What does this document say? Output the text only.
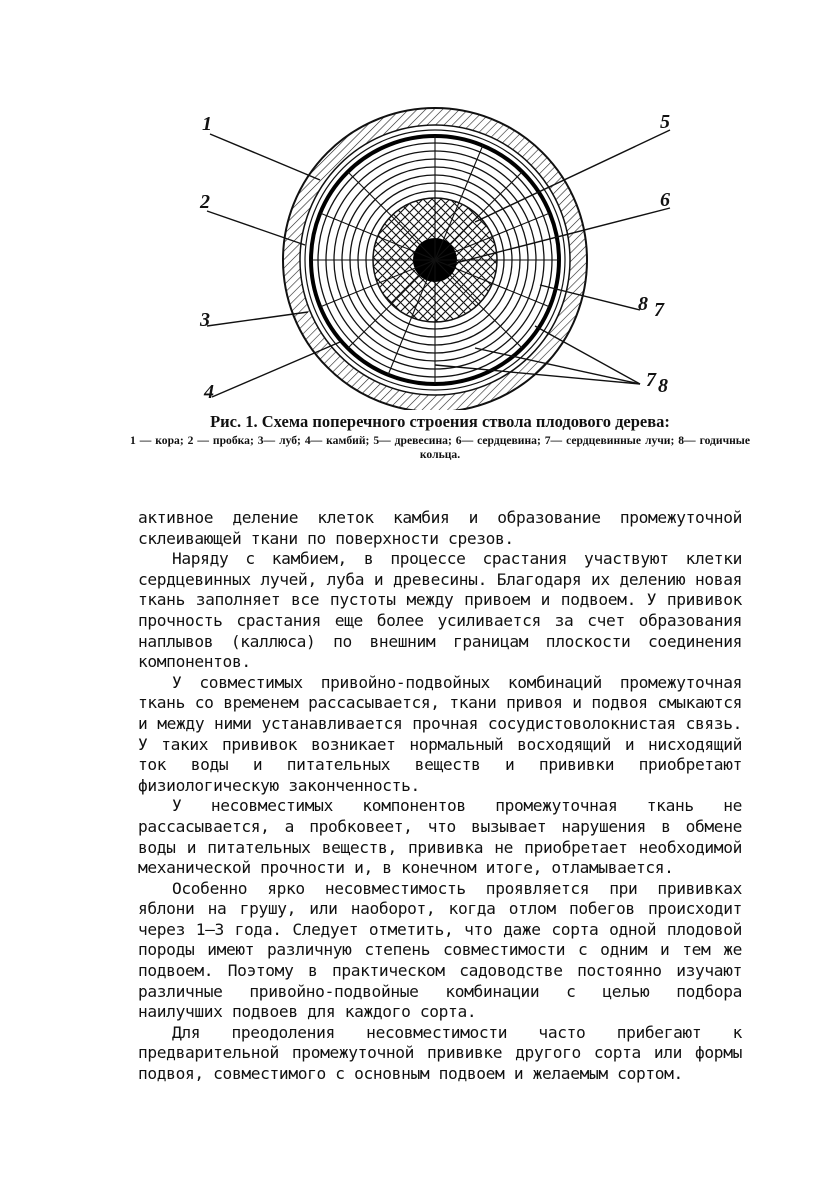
1
2
3
4
5
6
8 7
7 8
Рис. 1. Схема поперечного строения ствола плодового дерева:
1 — кора; 2 — пробка; 3— луб; 4— камбий; 5— древесина; 6— сердцевина; 7— сердцевинные лучи; 8— годичные кольца.

активное деление клеток камбия и образование промежуточной склеивающей ткани по поверхности срезов.

Наряду с камбием, в процессе срастания участвуют клетки сердцевинных лучей, луба и древесины. Благодаря их делению новая ткань заполняет все пустоты между привоем и подвоем. У прививок прочность срастания еще более усиливается за счет образования наплывов (каллюса) по внешним границам плоскости соединения компонентов.

У совместимых привойно-подвойных комбинаций промежуточная ткань со временем рассасывается, ткани привоя и подвоя смыкаются и между ними устанавливается прочная сосудистоволокнистая связь. У таких прививок возникает нормальный восходящий и нисходящий ток воды и питательных веществ и прививки приобретают физиологическую законченность.

У несовместимых компонентов промежуточная ткань не рассасывается, а пробковеет, что вызывает нарушения в обмене воды и питательных веществ, прививка не приобретает необходимой механической прочности и, в конечном итоге, отламывается.

Особенно ярко несовместимость проявляется при прививках яблони на грушу, или наоборот, когда отлом побегов происходит через 1—3 года. Следует отметить, что даже сорта одной плодовой породы имеют различную степень совместимости с одним и тем же подвоем. Поэтому в практическом садоводстве постоянно изучают различные привойно-подвойные комбинации с целью подбора наилучших подвоев для каждого сорта.

Для преодоления несовместимости часто прибегают к предварительной промежуточной прививке другого сорта или формы подвоя, совместимого с основным подвоем и желаемым сортом.
